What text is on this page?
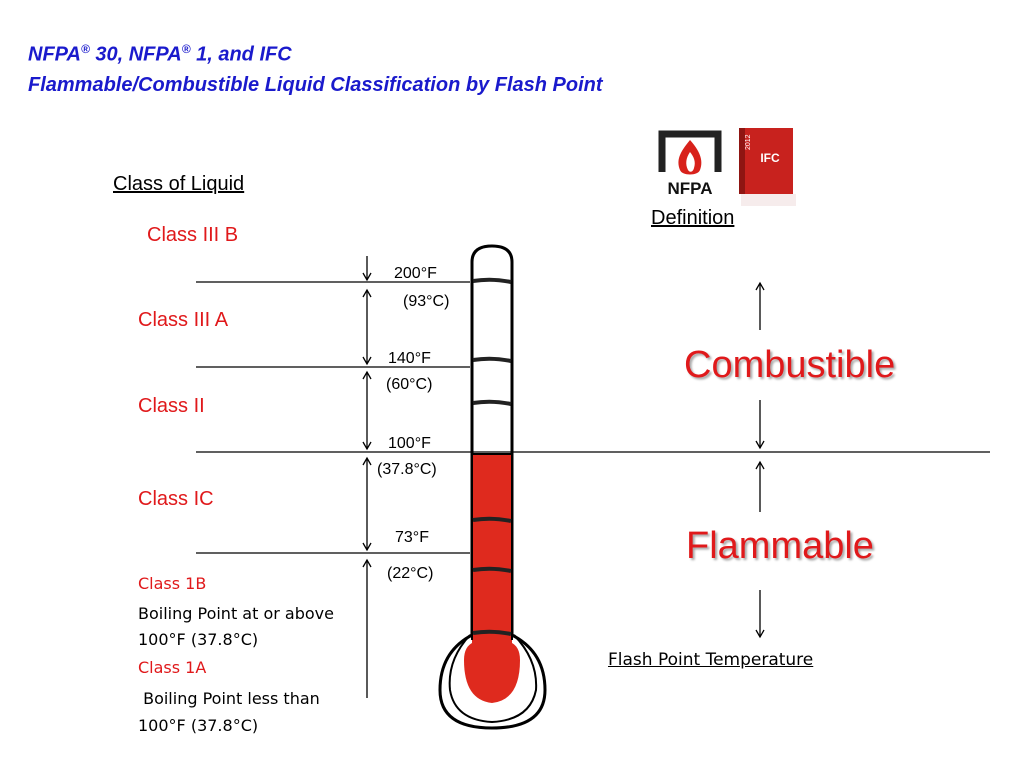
NFPA® 30, NFPA® 1, and IFC
Flammable/Combustible Liquid Classification by Flash Point
NFPA
IFC
2012
Class of Liquid
Definition
Flash Point Temperature
Class III B
Class III A
Class II
Class IC
Class 1B
Boiling Point at or above
100°F (37.8°C)
Class 1A
Boiling Point less than
100°F (37.8°C)
200°F
(93°C)
140°F
(60°C)
100°F
(37.8°C)
73°F
(22°C)
Combustible
Flammable
